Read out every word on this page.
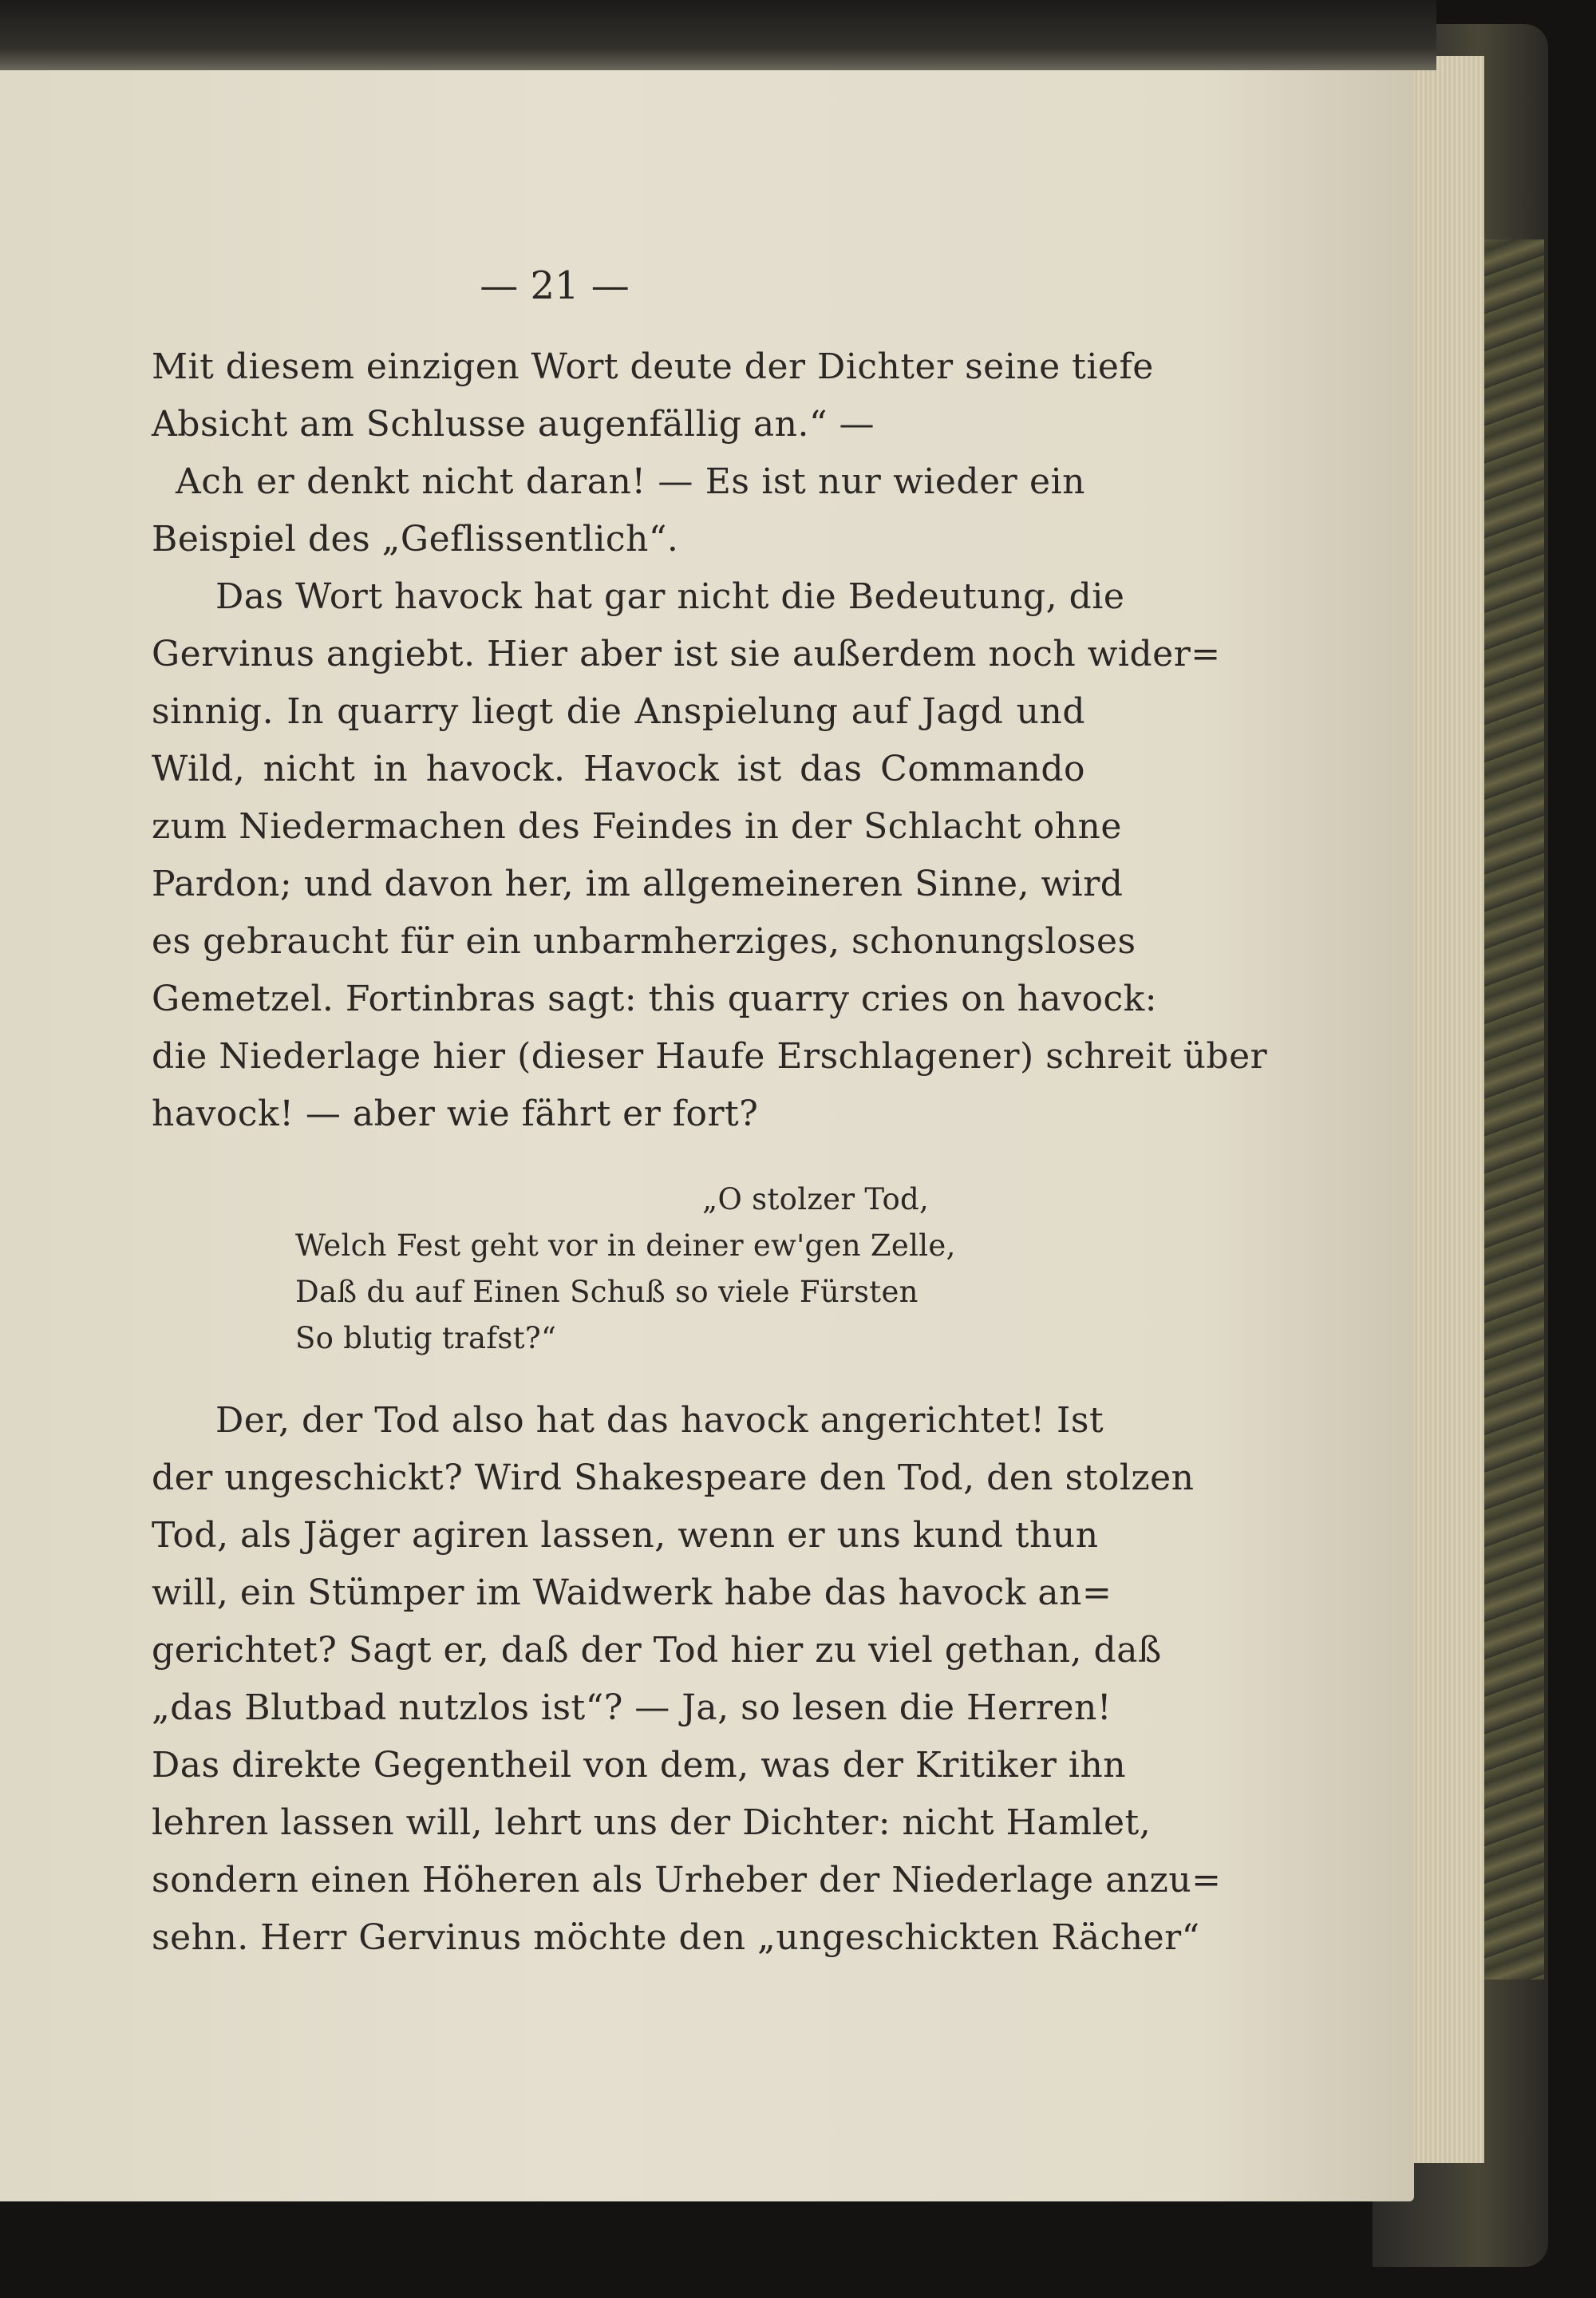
— 21 —
Mit diesem einzigen Wort deute der Dichter seine tiefe
Absicht am Schlusse augenfällig an.“ —
Ach er denkt nicht daran! — Es ist nur wieder ein
Beispiel des „Geflissentlich“.
Das Wort havock hat gar nicht die Bedeutung, die
Gervinus angiebt. Hier aber ist sie außerdem noch wider=
sinnig. In quarry liegt die Anspielung auf Jagd und
Wild, nicht in havock. Havock ist das Commando
zum Niedermachen des Feindes in der Schlacht ohne
Pardon; und davon her, im allgemeineren Sinne, wird
es gebraucht für ein unbarmherziges, schonungsloses
Gemetzel. Fortinbras sagt: this quarry cries on havock:
die Niederlage hier (dieser Haufe Erschlagener) schreit über
havock! — aber wie fährt er fort?
„O stolzer Tod,
Welch Fest geht vor in deiner ew'gen Zelle,
Daß du auf Einen Schuß so viele Fürsten
So blutig trafst?“
Der, der Tod also hat das havock angerichtet! Ist
der ungeschickt? Wird Shakespeare den Tod, den stolzen
Tod, als Jäger agiren lassen, wenn er uns kund thun
will, ein Stümper im Waidwerk habe das havock an=
gerichtet? Sagt er, daß der Tod hier zu viel gethan, daß
„das Blutbad nutzlos ist“? — Ja, so lesen die Herren!
Das direkte Gegentheil von dem, was der Kritiker ihn
lehren lassen will, lehrt uns der Dichter: nicht Hamlet,
sondern einen Höheren als Urheber der Niederlage anzu=
sehn. Herr Gervinus möchte den „ungeschickten Rächer“
